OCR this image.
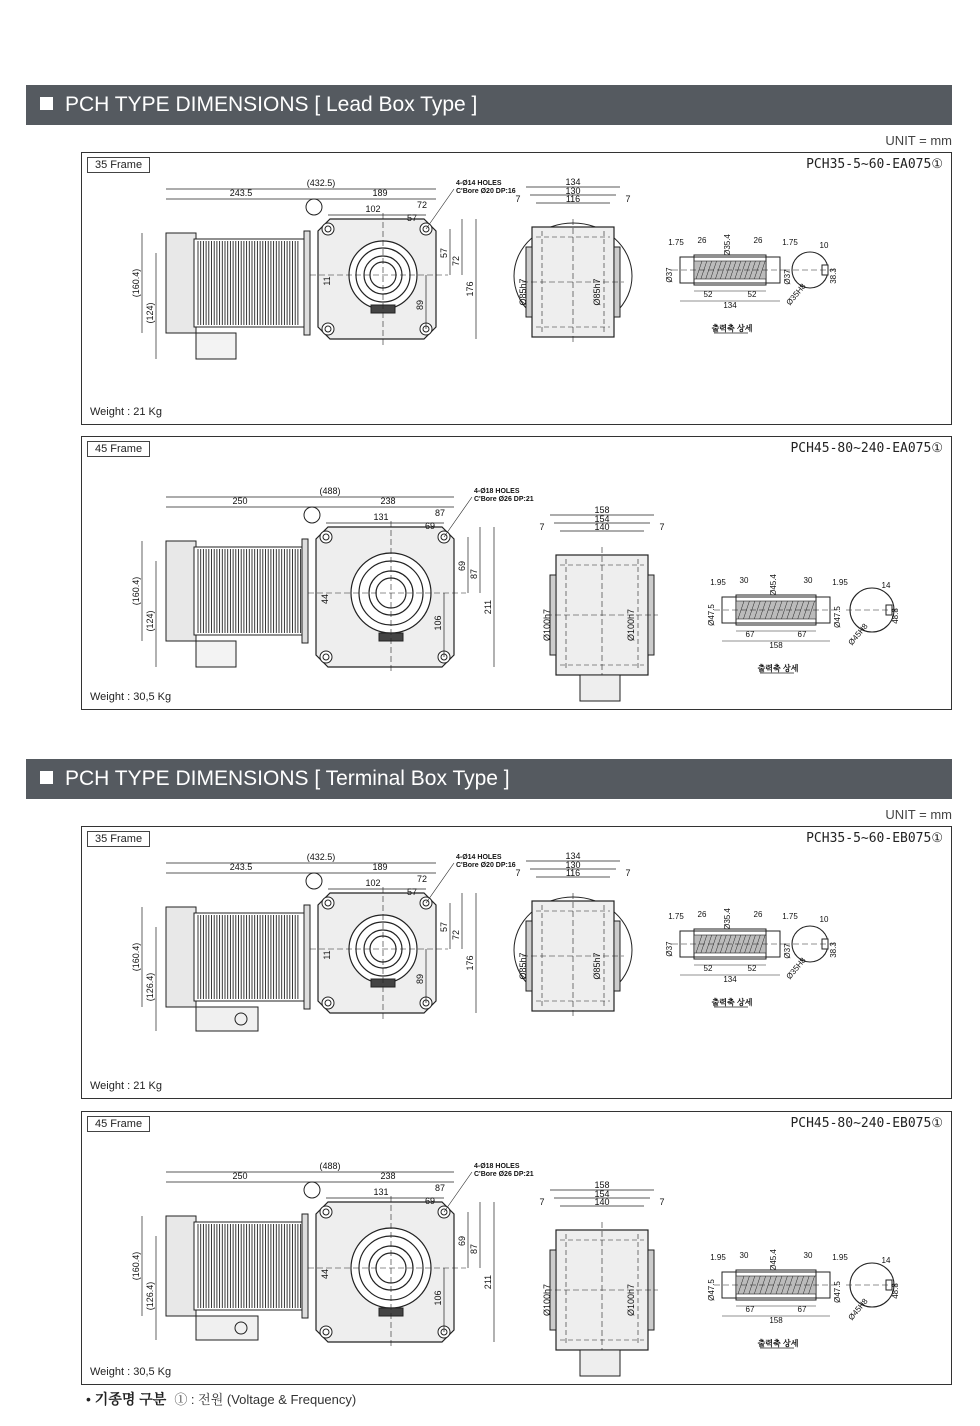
PCH TYPE DIMENSIONS [ Lead Box Type ]
UNIT = mm
35 Frame	PCH35-5~60-EA075①
Weight : 21 Kg
(160.4)
(124)
(432.5)
243.5	189
102	72
57
4-Ø14 HOLES
C'Bore Ø20 DP:16
57
72
176
89
11
134
130
116
7	7
Ø85h7	Ø85h7
1.75 26 Ø35.4	26 1.75
Ø37	Ø37
52	52
134
출력축 상세
10
38.3
Ø35H8
45 Frame	PCH45-80~240-EA075①
Weight : 30,5 Kg
(160.4)
(124)
(488)
250	238
131	87
69
4-Ø18 HOLES
C'Bore Ø26 DP:21
69
87
211
106
44
158
154
140
7	7
Ø100h7	Ø100h7
1.95 30	Ø45.4	30 1.95
Ø47.5	Ø47.5
67	67
158
출력축 상세
14
48.8
Ø45H8
PCH TYPE DIMENSIONS [ Terminal Box Type ]
UNIT = mm
35 Frame	PCH35-5~60-EB075①
Weight : 21 Kg
(160.4)
(126.4)
(432.5)
243.5	189
102	72
57
4-Ø14 HOLES
C'Bore Ø20 DP:16
57
72
176
89
11
134
130
116
7	7
Ø85h7	Ø85h7
1.75 26 Ø35.4	26 1.75
Ø37	Ø37
52	52
134
출력축 상세
10
38.3
Ø35H8
45 Frame	PCH45-80~240-EB075①
Weight : 30,5 Kg
(160.4)
(126.4)
(488)
250	238
131	87
69
4-Ø18 HOLES
C'Bore Ø26 DP:21
69
87
211
106
44
158
154
140
7	7
Ø100h7	Ø100h7
1.95 30	Ø45.4	30 1.95
Ø47.5	Ø47.5
67	67
158
출력축 상세
14
48.8
Ø45H8
• 기종명 구분 ① : 전원 (Voltage & Frequency)
